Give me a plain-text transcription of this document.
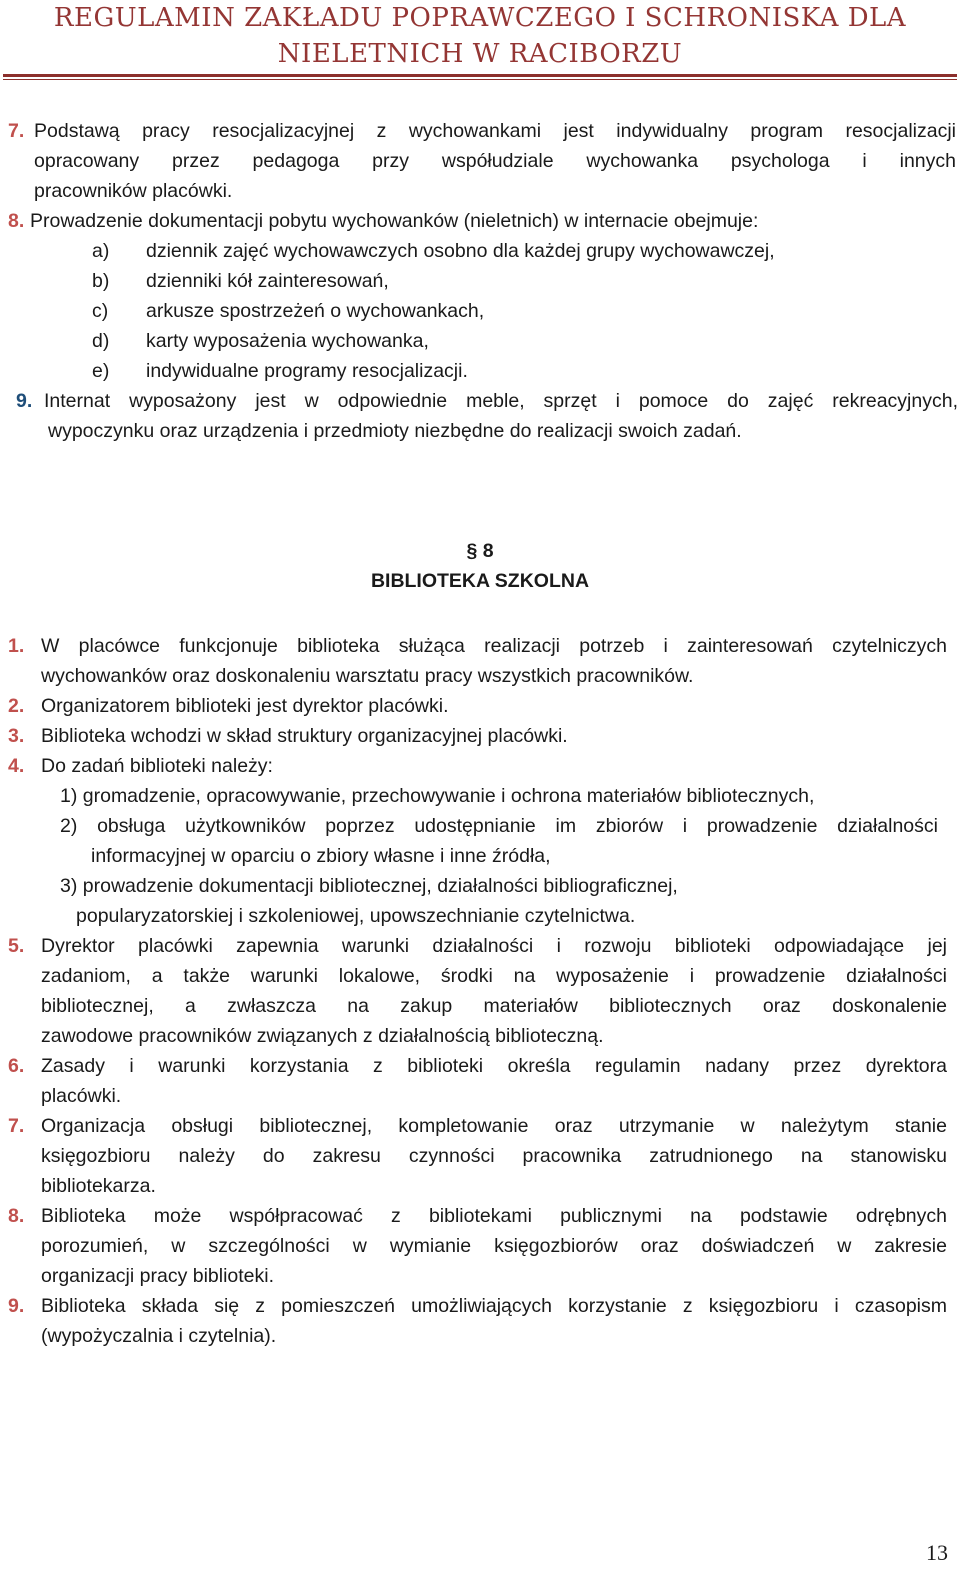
REGULAMIN ZAKŁADU POPRAWCZEGO I SCHRONISKA DLA
NIELETNICH W RACIBORZU
7. Podstawą pracy resocjalizacyjnej z wychowankami jest indywidualny program resocjalizacji
opracowany przez pedagoga przy współudziale wychowanka psychologa i innych
pracowników placówki.
8. Prowadzenie dokumentacji pobytu wychowanków (nieletnich) w internacie obejmuje:
a) dziennik zajęć wychowawczych osobno dla każdej grupy wychowawczej,
b) dzienniki kół zainteresowań,
c) arkusze spostrzeżeń o wychowankach,
d) karty wyposażenia wychowanka,
e) indywidualne programy resocjalizacji.
9. Internat wyposażony jest w odpowiednie meble, sprzęt i pomoce do zajęć rekreacyjnych,
wypoczynku oraz urządzenia i przedmioty niezbędne do realizacji swoich zadań.
§ 8
BIBLIOTEKA SZKOLNA
1. W placówce funkcjonuje biblioteka służąca realizacji potrzeb i zainteresowań czytelniczych
wychowanków oraz doskonaleniu warsztatu pracy wszystkich pracowników.
2. Organizatorem biblioteki jest dyrektor placówki.
3. Biblioteka wchodzi w skład struktury organizacyjnej placówki.
4. Do zadań biblioteki należy:
1) gromadzenie, opracowywanie, przechowywanie i ochrona materiałów bibliotecznych,
2) obsługa użytkowników poprzez udostępnianie im zbiorów i prowadzenie działalności
informacyjnej w oparciu o zbiory własne i inne źródła,
3) prowadzenie dokumentacji bibliotecznej, działalności bibliograficznej,
popularyzatorskiej i szkoleniowej, upowszechnianie czytelnictwa.
5. Dyrektor placówki zapewnia warunki działalności i rozwoju biblioteki odpowiadające jej
zadaniom, a także warunki lokalowe, środki na wyposażenie i prowadzenie działalności
bibliotecznej, a zwłaszcza na zakup materiałów bibliotecznych oraz doskonalenie
zawodowe pracowników związanych z działalnością biblioteczną.
6. Zasady i warunki korzystania z biblioteki określa regulamin nadany przez dyrektora
placówki.
7. Organizacja obsługi bibliotecznej, kompletowanie oraz utrzymanie w należytym stanie
księgozbioru należy do zakresu czynności pracownika zatrudnionego na stanowisku
bibliotekarza.
8. Biblioteka może współpracować z bibliotekami publicznymi na podstawie odrębnych
porozumień, w szczególności w wymianie księgozbiorów oraz doświadczeń w zakresie
organizacji pracy biblioteki.
9. Biblioteka składa się z pomieszczeń umożliwiających korzystanie z księgozbioru i czasopism
(wypożyczalnia i czytelnia).
13
